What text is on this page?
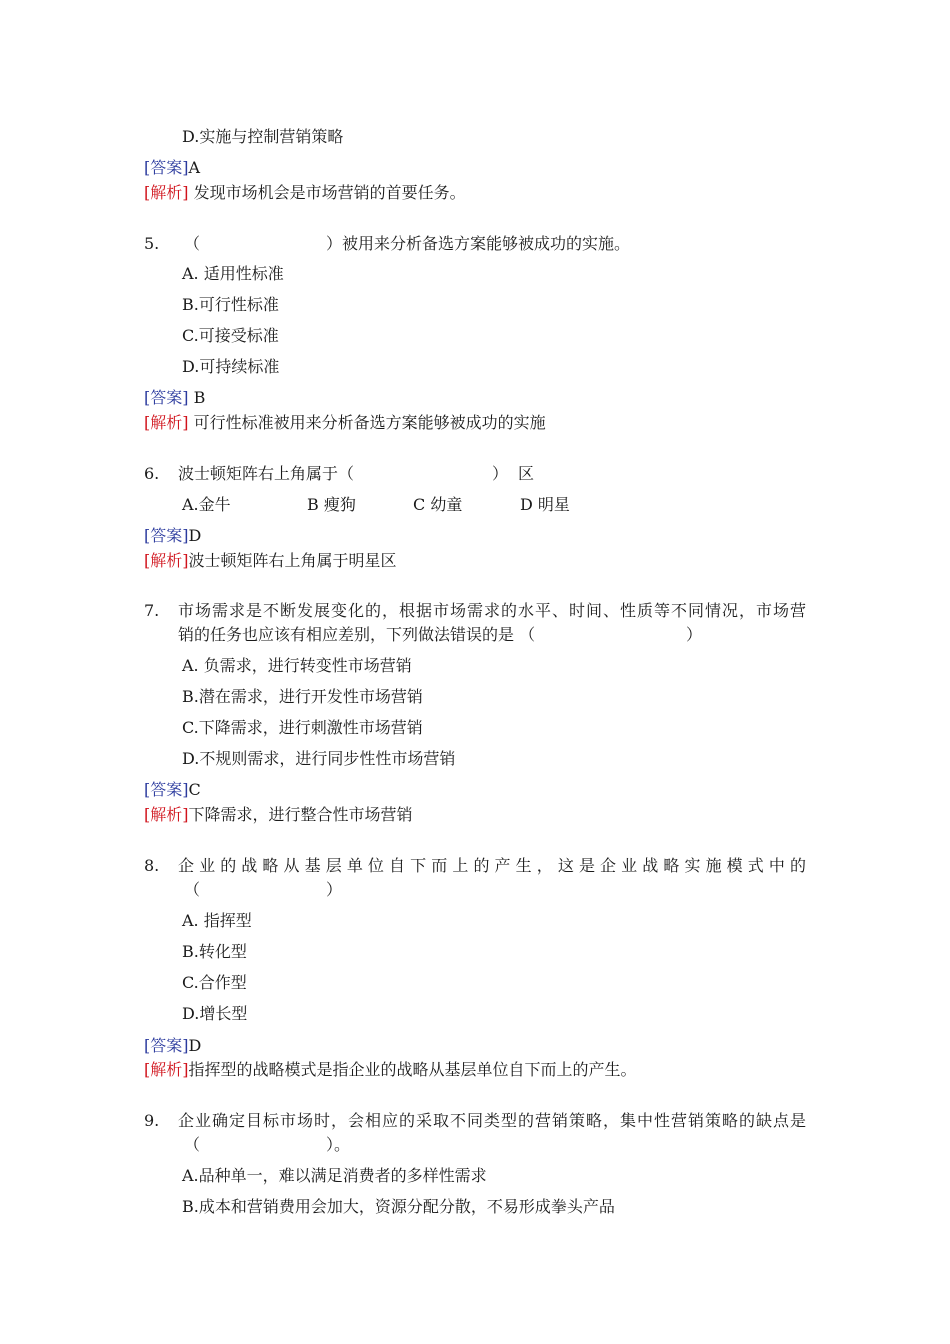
D.实施与控制营销策略
[答案]A
[解析] 发现市场机会是市场营销的首要任务。
5. （	）被用来分析备选方案能够被成功的实施。
A. 适用性标准
B.可行性标准
C.可接受标准
D.可持续标准
[答案] B
[解析] 可行性标准被用来分析备选方案能够被成功的实施
6. 波士顿矩阵右上角属于（	） 区
A.金牛	B 瘦狗	C 幼童	D 明星
[答案]D
[解析]波士顿矩阵右上角属于明星区
7. 市场需求是不断发展变化的，根据市场需求的水平、时间、性质等不同情况，市场营
销的任务也应该有相应差别，下列做法错误的是 （	）
A. 负需求，进行转变性市场营销
B.潜在需求，进行开发性市场营销
C.下降需求，进行刺激性市场营销
D.不规则需求，进行同步性性市场营销
[答案]C
[解析]下降需求，进行整合性市场营销
8. 企业的战略从基层单位自下而上的产生，这是企业战略实施模式中的
（	）
A. 指挥型
B.转化型
C.合作型
D.增长型
[答案]D
[解析]指挥型的战略模式是指企业的战略从基层单位自下而上的产生。
9. 企业确定目标市场时，会相应的采取不同类型的营销策略，集中性营销策略的缺点是
（	）。
A.品种单一，难以满足消费者的多样性需求
B.成本和营销费用会加大，资源分配分散，不易形成拳头产品
